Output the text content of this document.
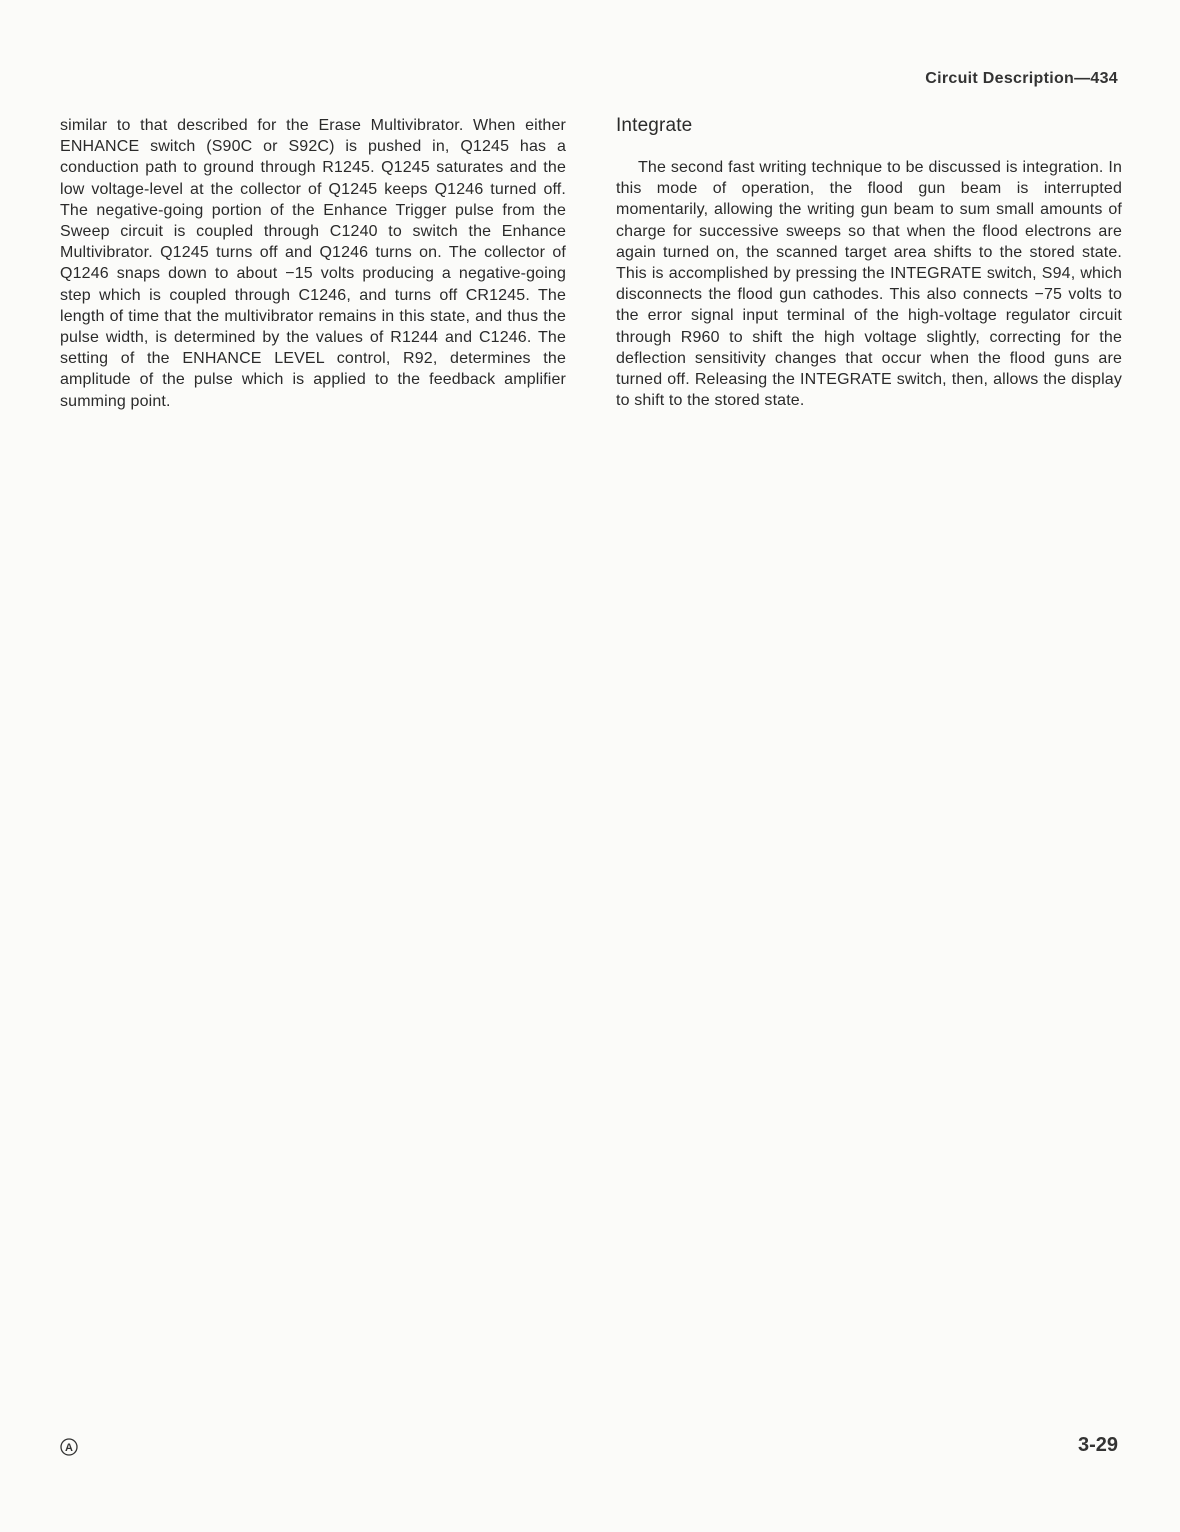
Circuit Description—434

similar to that described for the Erase Multivibrator. When either ENHANCE switch (S90C or S92C) is pushed in, Q1245 has a conduction path to ground through R1245. Q1245 saturates and the low voltage-level at the collector of Q1245 keeps Q1246 turned off. The negative-going portion of the Enhance Trigger pulse from the Sweep circuit is coupled through C1240 to switch the Enhance Multivibrator. Q1245 turns off and Q1246 turns on. The collector of Q1246 snaps down to about −15 volts producing a negative-going step which is coupled through C1246, and turns off CR1245. The length of time that the multivibrator remains in this state, and thus the pulse width, is determined by the values of R1244 and C1246. The setting of the ENHANCE LEVEL control, R92, determines the amplitude of the pulse which is applied to the feedback amplifier summing point.

Integrate

The second fast writing technique to be discussed is integration. In this mode of operation, the flood gun beam is interrupted momentarily, allowing the writing gun beam to sum small amounts of charge for successive sweeps so that when the flood electrons are again turned on, the scanned target area shifts to the stored state. This is accomplished by pressing the INTEGRATE switch, S94, which disconnects the flood gun cathodes. This also connects −75 volts to the error signal input terminal of the high-voltage regulator circuit through R960 to shift the high voltage slightly, correcting for the deflection sensitivity changes that occur when the flood guns are turned off. Releasing the INTEGRATE switch, then, allows the display to shift to the stored state.

A	3-29
